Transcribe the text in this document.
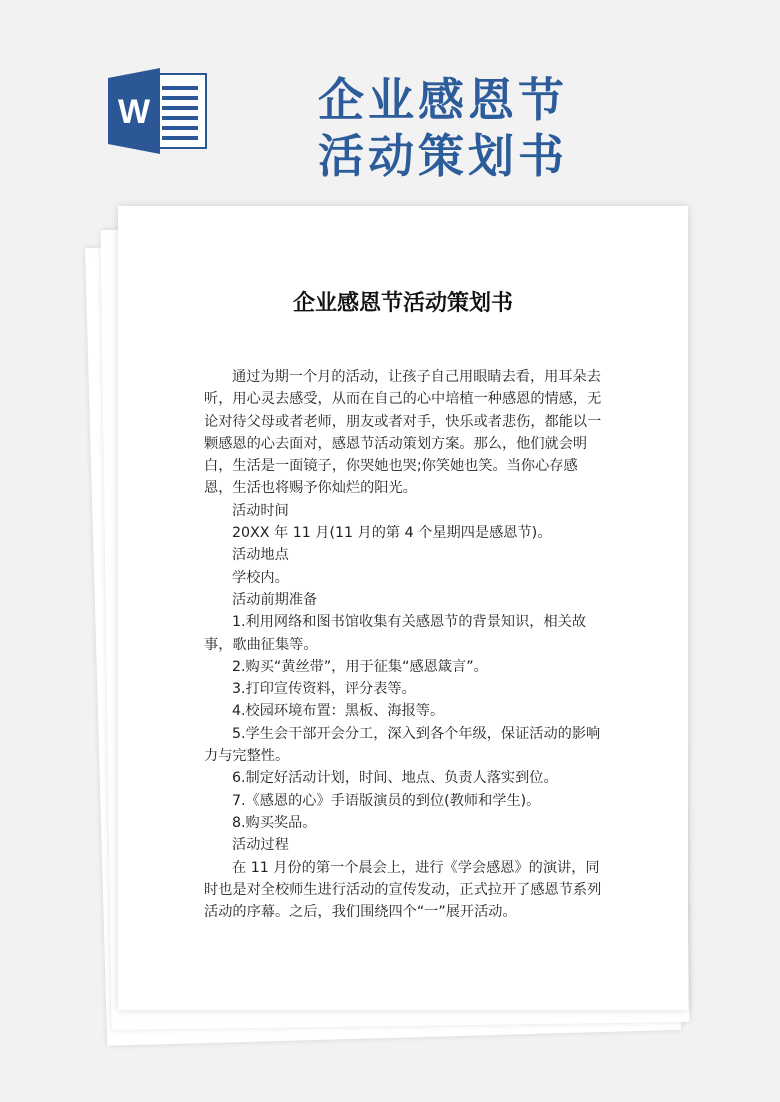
W	企业感恩节
活动策划书
企业感恩节活动策划书

通过为期一个月的活动，让孩子自己用眼睛去看，用耳朵去听，用心灵去感受，从而在自己的心中培植一种感恩的情感，无论对待父母或者老师，朋友或者对手，快乐或者悲伤，都能以一颗感恩的心去面对，感恩节活动策划方案。那么，他们就会明白，生活是一面镜子，你哭她也哭;你笑她也笑。当你心存感恩，生活也将赐予你灿烂的阳光。

活动时间

20XX 年 11 月(11 月的第 4 个星期四是感恩节)。

活动地点

学校内。

活动前期准备

1.利用网络和图书馆收集有关感恩节的背景知识，相关故事，歌曲征集等。

2.购买“黄丝带”，用于征集“感恩箴言”。

3.打印宣传资料，评分表等。

4.校园环境布置：黑板、海报等。

5.学生会干部开会分工，深入到各个年级，保证活动的影响力与完整性。

6.制定好活动计划，时间、地点、负责人落实到位。

7.《感恩的心》手语版演员的到位(教师和学生)。

8.购买奖品。

活动过程

在 11 月份的第一个晨会上，进行《学会感恩》的演讲，同时也是对全校师生进行活动的宣传发动，正式拉开了感恩节系列活动的序幕。之后，我们围绕四个“一”展开活动。
